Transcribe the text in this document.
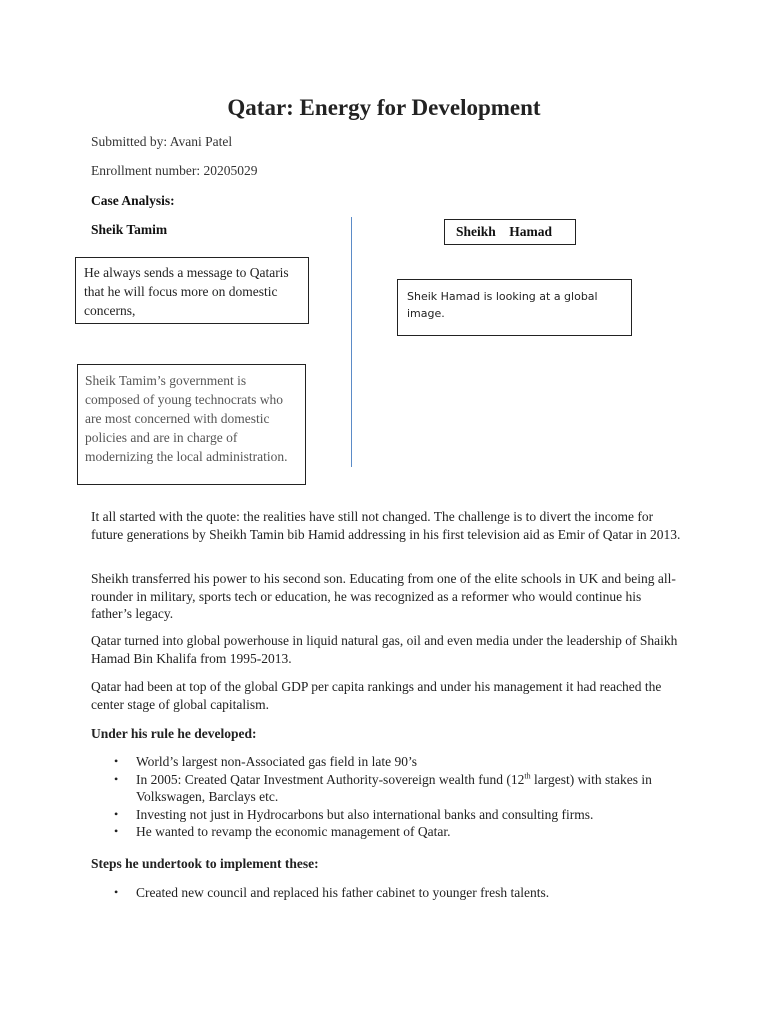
Qatar: Energy for Development
Submitted by: Avani Patel
Enrollment number: 20205029
Case Analysis:
Sheik Tamim	Sheikh    Hamad
He always sends a message to Qataris that he will focus more on domestic concerns,
Sheik Hamad is looking at a global image.
Sheik Tamim’s government is composed of young technocrats who are most concerned with domestic policies and are in charge of modernizing the local administration.
It all started with the quote: the realities have still not changed. The challenge is to divert the income for future generations by Sheikh Tamin bib Hamid addressing in his first television aid as Emir of Qatar in 2013.
Sheikh transferred his power to his second son. Educating from one of the elite schools in UK and being all-rounder in military, sports tech or education, he was recognized as a reformer who would continue his father’s legacy.
Qatar turned into global powerhouse in liquid natural gas, oil and even media under the leadership of Shaikh Hamad Bin Khalifa from 1995-2013.
Qatar had been at top of the global GDP per capita rankings and under his management it had reached the center stage of global capitalism.
Under his rule he developed:
• World’s largest non-Associated gas field in late 90’s
• In 2005: Created Qatar Investment Authority-sovereign wealth fund (12th largest) with stakes in Volkswagen, Barclays etc.
• Investing not just in Hydrocarbons but also international banks and consulting firms.
• He wanted to revamp the economic management of Qatar.
Steps he undertook to implement these:
• Created new council and replaced his father cabinet to younger fresh talents.
